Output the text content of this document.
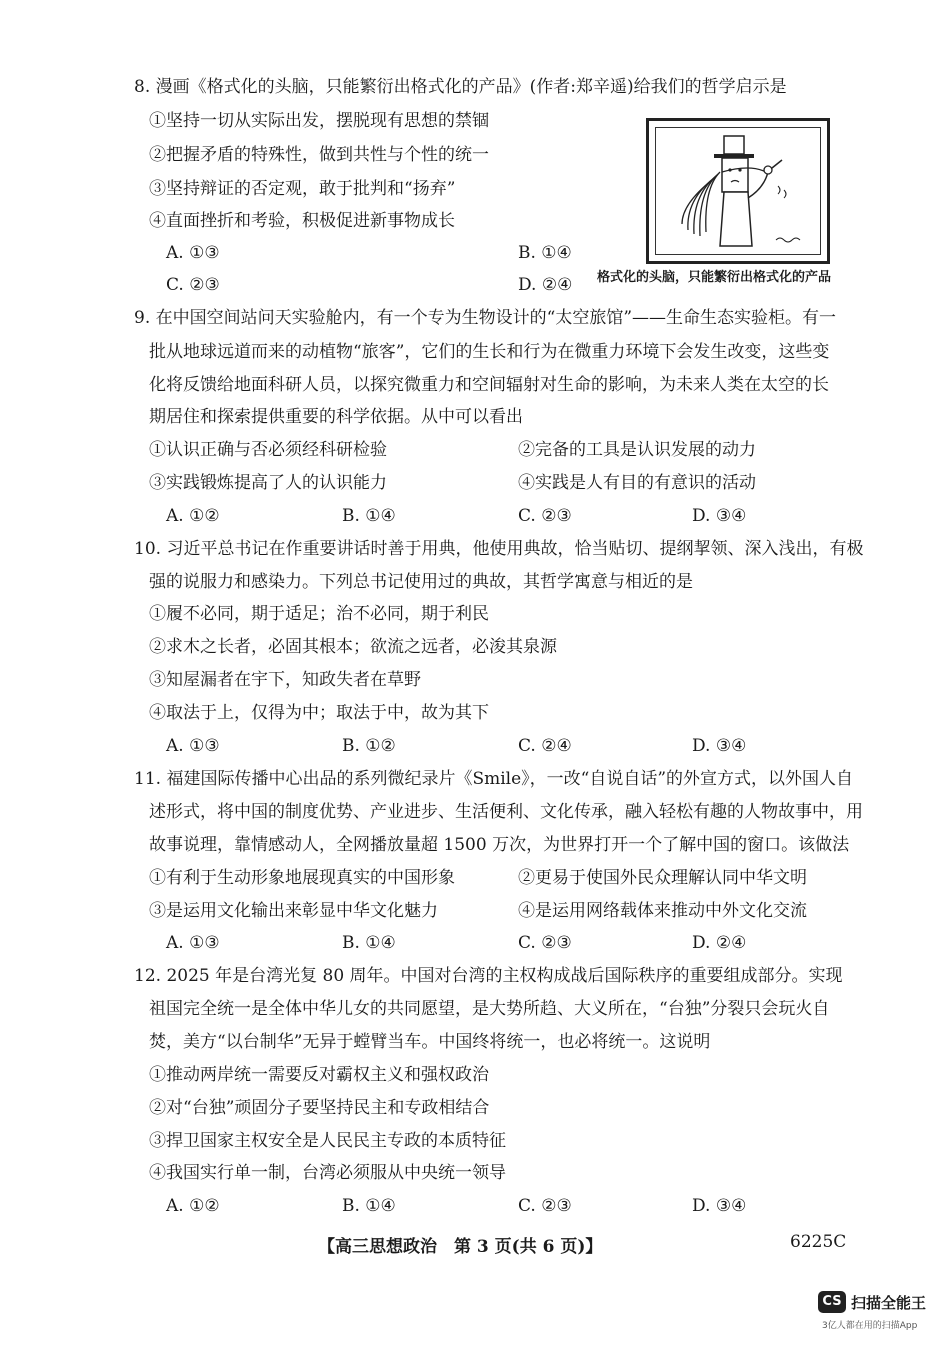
8. 漫画《格式化的头脑，只能繁衍出格式化的产品》(作者:郑辛遥)给我们的哲学启示是
①坚持一切从实际出发，摆脱现有思想的禁锢
②把握矛盾的特殊性，做到共性与个性的统一
③坚持辩证的否定观，敢于批判和“扬弃”
④直面挫折和考验，积极促进新事物成长
A. ①③	B. ①④
C. ②③	D. ②④ 格式化的头脑，只能繁衍出格式化的产品
9. 在中国空间站问天实验舱内，有一个专为生物设计的“太空旅馆”——生命生态实验柜。有一
批从地球远道而来的动植物“旅客”，它们的生长和行为在微重力环境下会发生改变，这些变
化将反馈给地面科研人员，以探究微重力和空间辐射对生命的影响，为未来人类在太空的长
期居住和探索提供重要的科学依据。从中可以看出
①认识正确与否必须经科研检验	②完备的工具是认识发展的动力
③实践锻炼提高了人的认识能力	④实践是人有目的有意识的活动
A. ①②	B. ①④	C. ②③	D. ③④
10. 习近平总书记在作重要讲话时善于用典，他使用典故，恰当贴切、提纲挈领、深入浅出，有极
强的说服力和感染力。下列总书记使用过的典故，其哲学寓意与相近的是
①履不必同，期于适足；治不必同，期于利民
②求木之长者，必固其根本；欲流之远者，必浚其泉源
③知屋漏者在宇下，知政失者在草野
④取法于上，仅得为中；取法于中，故为其下
A. ①③	B. ①②	C. ②④	D. ③④
11. 福建国际传播中心出品的系列微纪录片《Smile》，一改“自说自话”的外宣方式，以外国人自
述形式，将中国的制度优势、产业进步、生活便利、文化传承，融入轻松有趣的人物故事中，用
故事说理，靠情感动人，全网播放量超 1500 万次，为世界打开一个了解中国的窗口。该做法
①有利于生动形象地展现真实的中国形象	②更易于使国外民众理解认同中华文明
③是运用文化输出来彰显中华文化魅力	④是运用网络载体来推动中外文化交流
A. ①③	B. ①④	C. ②③	D. ②④
12. 2025 年是台湾光复 80 周年。中国对台湾的主权构成战后国际秩序的重要组成部分。实现
祖国完全统一是全体中华儿女的共同愿望，是大势所趋、大义所在，“台独”分裂只会玩火自
焚，美方“以台制华”无异于螳臂当车。中国终将统一，也必将统一。这说明
①推动两岸统一需要反对霸权主义和强权政治
②对“台独”顽固分子要坚持民主和专政相结合
③捍卫国家主权安全是人民民主专政的本质特征
④我国实行单一制，台湾必须服从中央统一领导
A. ①②	B. ①④	C. ②③	D. ③④
【高三思想政治　第 3 页(共 6 页)】	6225C
CS 扫描全能王
3亿人都在用的扫描App
